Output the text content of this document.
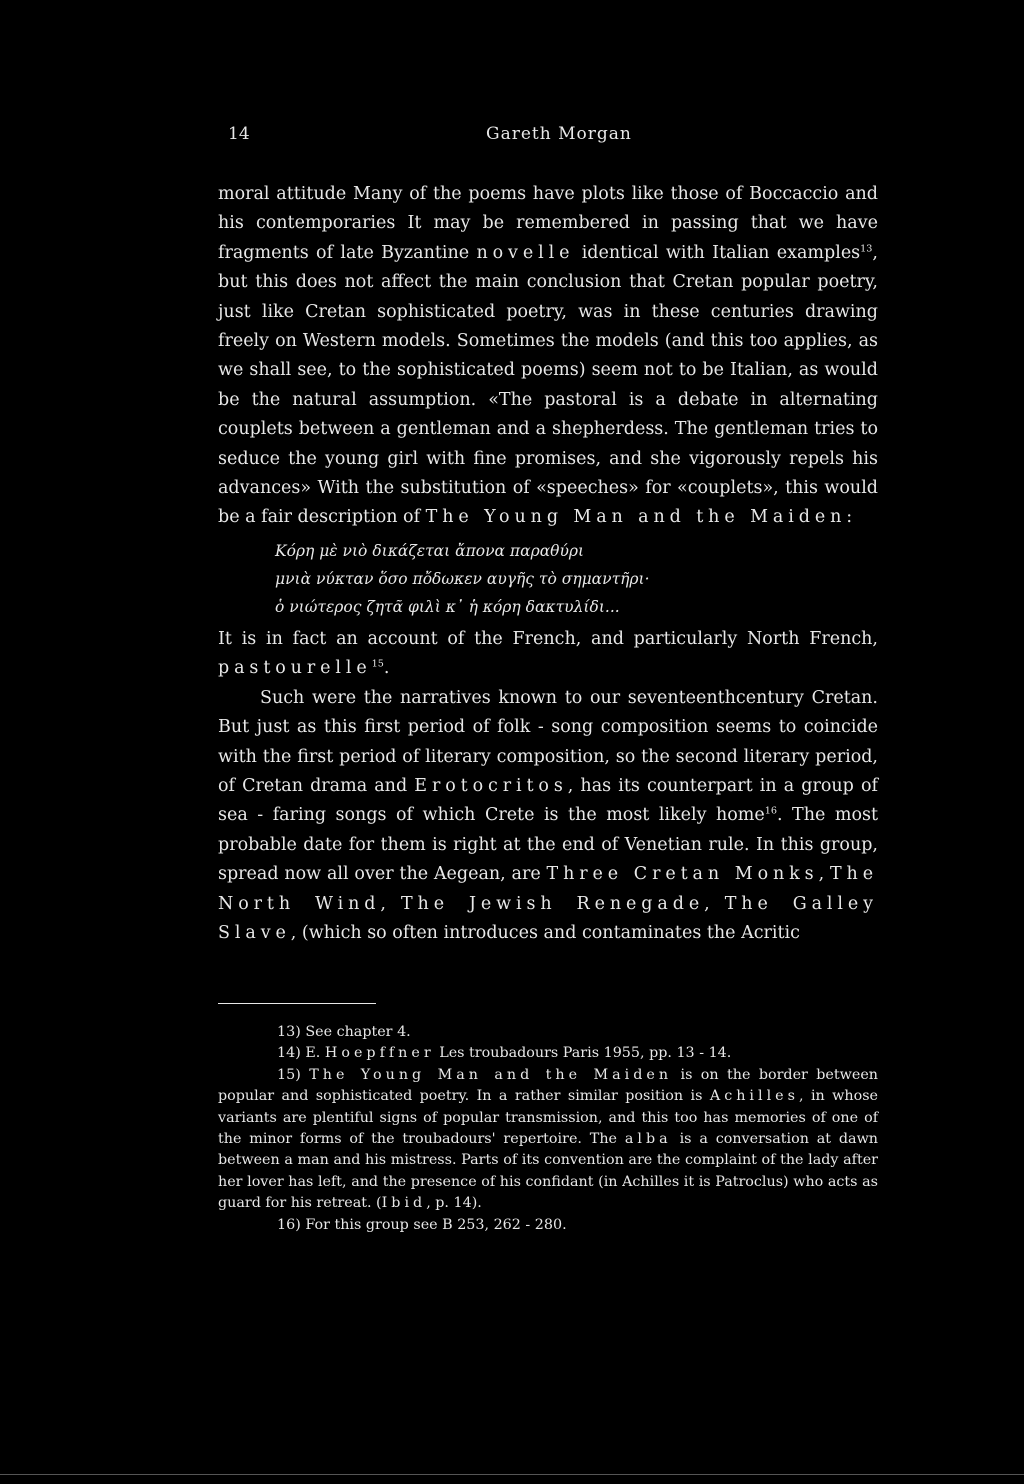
14	Gareth Morgan

moral attitude Many of the poems have plots like those of Boccaccio and his contemporaries It may be remembered in passing that we have fragments of late Byzantine novelle identical with Italian examples$^{13}$, but this does not affect the main conclusion that Cretan popular poetry, just like Cretan sophisticated poetry, was in these centuries drawing freely on Western models. Sometimes the models (and this too applies, as we shall see, to the sophisticated poems) seem not to be Italian, as would be the natural assumption. «The pastoral is a debate in alternating couplets between a gentleman and a shepherdess. The gentleman tries to seduce the young girl with fine promises, and she vigorously repels his advances» With the substitution of «speeches» for «couplets», this would be a fair description of The Young Man and the Maiden:

Κόρη μὲ νιὸ δικάζεται ἄπονα παραθύρι
μνιὰ νύκταν ὅσο πὄδωκεν αυγῆς τὸ σημαντῆρι·
ὁ νιώτερος ζητᾶ φιλὶ κ᾿ ἡ κόρη δακτυλίδι...

It is in fact an account of the French, and particularly North French, pastourelle$^{15}$.

Such were the narratives known to our seventeenthcentury Cretan. But just as this first period of folk - song composition seems to coincide with the first period of literary composition, so the second literary period, of Cretan drama and Erotocritos, has its counterpart in a group of sea - faring songs of which Crete is the most likely home$^{16}$. The most probable date for them is right at the end of Venetian rule. In this group, spread now all over the Aegean, are Three Cretan Monks, The North Wind, The Jewish Renegade, The Galley Slave, (which so often introduces and contaminates the Acritic

13) See chapter 4.

14) E. Hoepffner Les troubadours Paris 1955, pp. 13 - 14.

15) The Young Man and the Maiden is on the border between popular and sophisticated poetry. In a rather similar position is Achilles, in whose variants are plentiful signs of popular transmission, and this too has memories of one of the minor forms of the troubadours' repertoire. The alba is a conversation at dawn between a man and his mistress. Parts of its convention are the complaint of the lady after her lover has left, and the presence of his confidant (in Achilles it is Patroclus) who acts as guard for his retreat. (Ibid, p. 14).

16) For this group see B 253, 262 - 280.
